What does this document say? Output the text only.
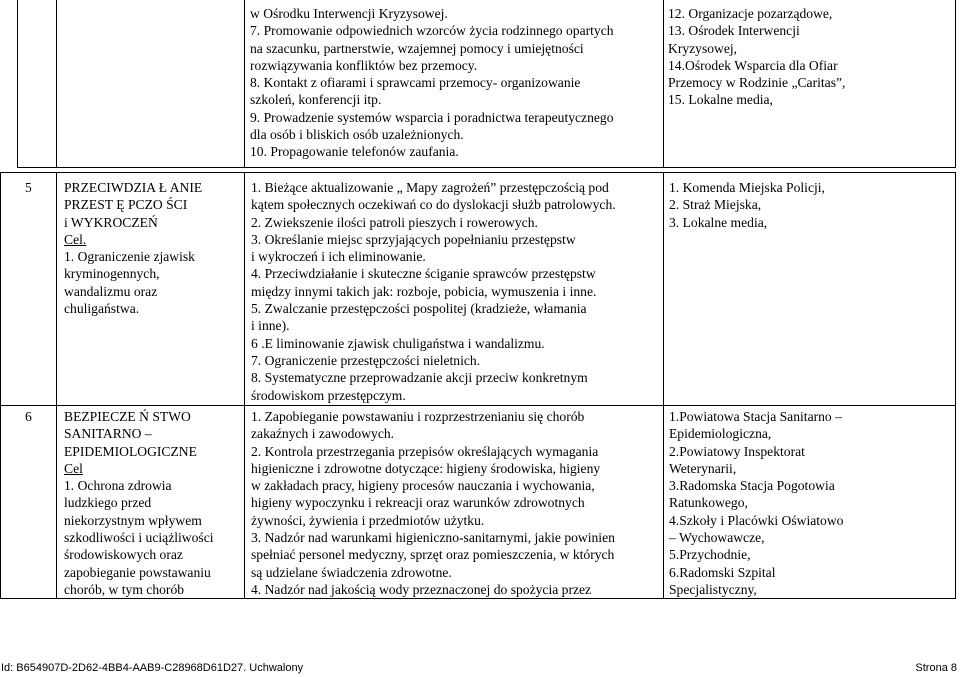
w Ośrodku Interwencji Kryzysowej.

7. Promowanie odpowiednich wzorców życia rodzinnego opartych

na szacunku, partnerstwie, wzajemnej pomocy i umiejętności

rozwiązywania konfliktów bez przemocy.

8. Kontakt z ofiarami i sprawcami przemocy- organizowanie

szkoleń, konferencji itp.

9. Prowadzenie systemów wsparcia i poradnictwa terapeutycznego

dla osób i bliskich osób uzależnionych.

10. Propagowanie telefonów zaufania.

12. Organizacje pozarządowe,

13. Ośrodek Interwencji

Kryzysowej,

14.Ośrodek Wsparcia dla Ofiar

Przemocy w Rodzinie „Caritas”,

15. Lokalne media,

5 PRZECIWDZIA Ł ANIE

PRZEST Ę PCZO ŚCI

i WYKROCZEŃ

Cel.

1. Ograniczenie zjawisk

kryminogennych,

wandalizmu oraz

chuligaństwa.

1. Bieżące aktualizowanie „ Mapy zagrożeń” przestępczością pod

kątem społecznych oczekiwań co do dyslokacji służb patrolowych.

2. Zwiekszenie ilości patroli pieszych i rowerowych.

3. Określanie miejsc sprzyjających popełnianiu przestępstw

i wykroczeń i ich eliminowanie.

4. Przeciwdziałanie i skuteczne ściganie sprawców przestępstw

między innymi takich jak: rozboje, pobicia, wymuszenia i inne.

5. Zwalczanie przestępczości pospolitej (kradzieże, włamania

i inne).

6 .E liminowanie zjawisk chuligaństwa i wandalizmu.

7. Ograniczenie przestępczości nieletnich.

8. Systematyczne przeprowadzanie akcji przeciw konkretnym

środowiskom przestępczym.

1. Komenda Miejska Policji,

2. Straż Miejska,

3. Lokalne media,

6 BEZPIECZE Ń STWO

SANITARNO –

EPIDEMIOLOGICZNE

Cel

1. Ochrona zdrowia

ludzkiego przed

niekorzystnym wpływem

szkodliwości i uciążliwości

środowiskowych oraz

zapobieganie powstawaniu

chorób, w tym chorób

1. Zapobieganie powstawaniu i rozprzestrzenianiu się chorób

zakaźnych i zawodowych.

2. Kontrola przestrzegania przepisów określających wymagania

higieniczne i zdrowotne dotyczące: higieny środowiska, higieny

w zakładach pracy, higieny procesów nauczania i wychowania,

higieny wypoczynku i rekreacji oraz warunków zdrowotnych

żywności, żywienia i przedmiotów użytku.

3. Nadzór nad warunkami higieniczno-sanitarnymi, jakie powinien

spełniać personel medyczny, sprzęt oraz pomieszczenia, w których

są udzielane świadczenia zdrowotne.

4. Nadzór nad jakością wody przeznaczonej do spożycia przez

1.Powiatowa Stacja Sanitarno –

Epidemiologiczna,

2.Powiatowy Inspektorat

Weterynarii,

3.Radomska Stacja Pogotowia

Ratunkowego,

4.Szkoły i Placówki Oświatowo

– Wychowawcze,

5.Przychodnie,

6.Radomski Szpital

Specjalistyczny,

Id: B654907D-2D62-4BB4-AAB9-C28968D61D27. Uchwalony	Strona 8
